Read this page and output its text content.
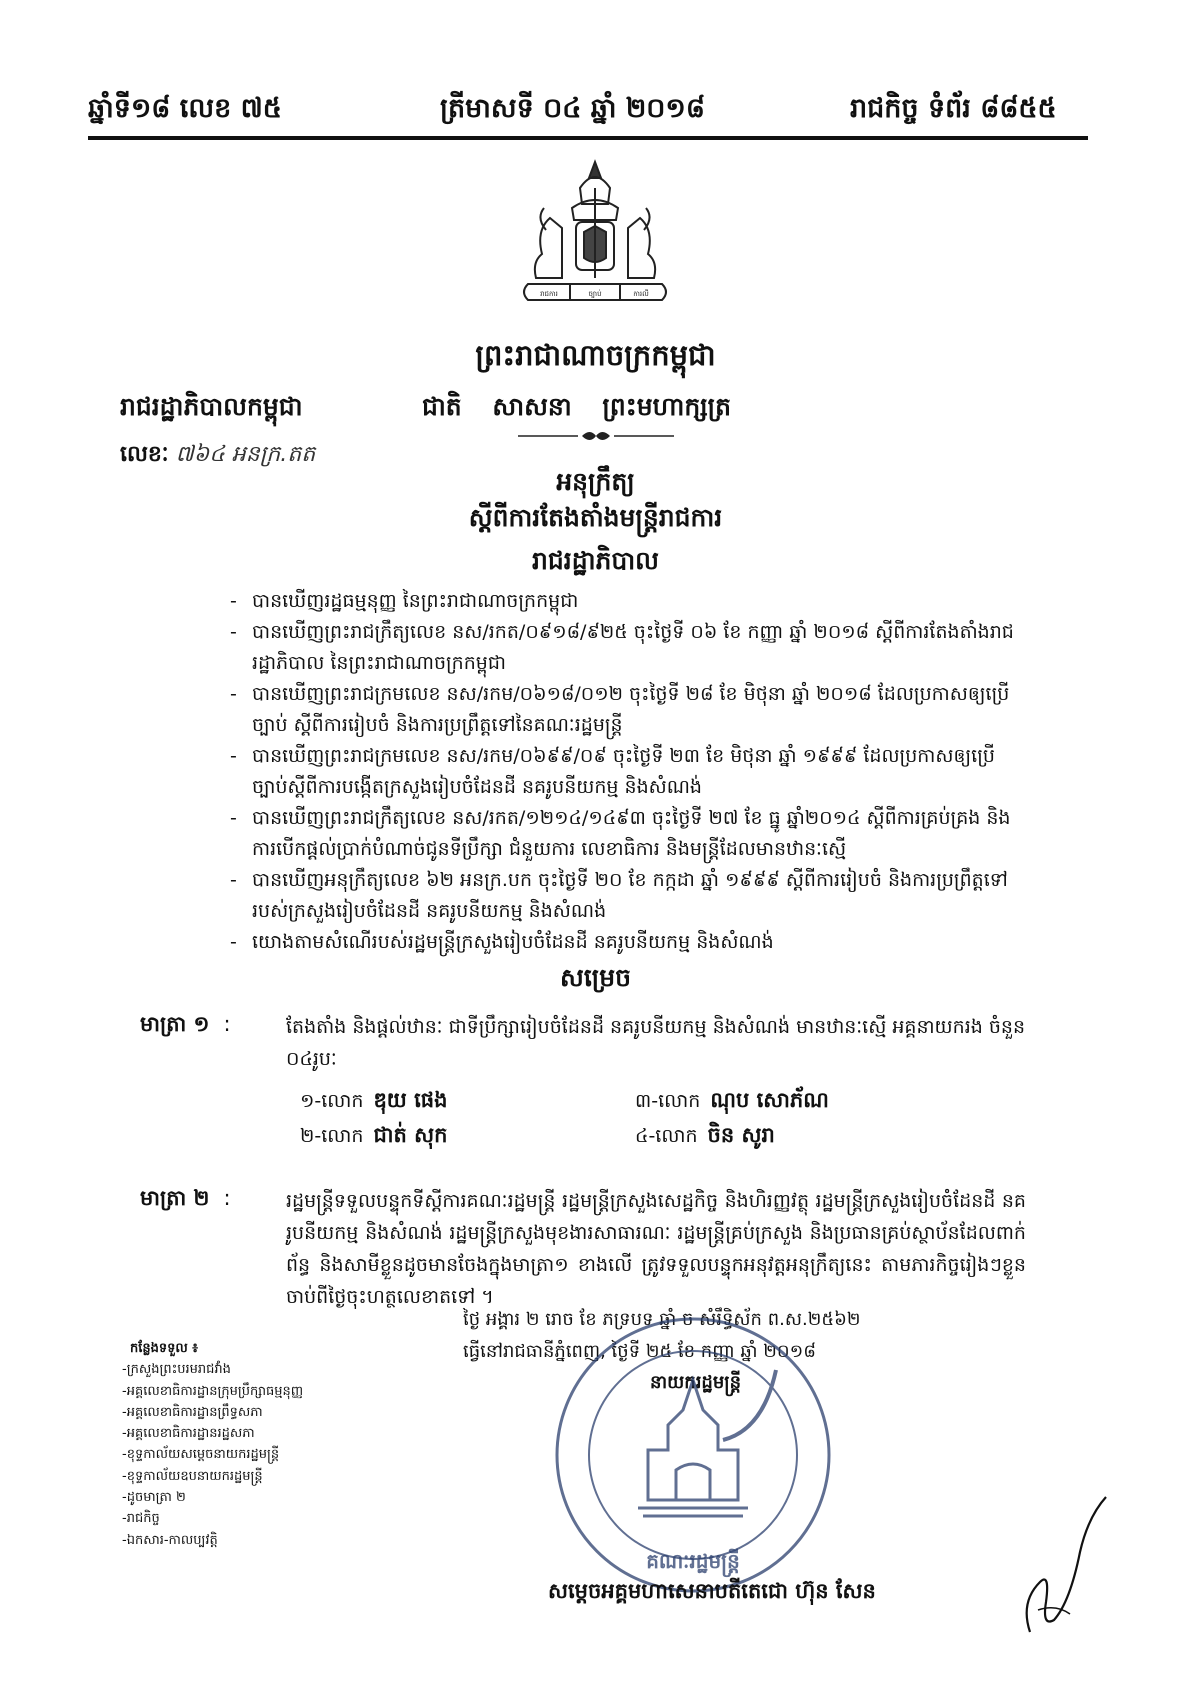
ឆ្នាំទី១៨ លេខ ៧៥	ត្រីមាសទី ០៤ ឆ្នាំ ២០១៨	រាជកិច្ច ទំព័រ ៨៨៥៥
រាជការ	ច្បាប់	ការលី
ព្រះរាជាណាចក្រកម្ពុជា
រាជរដ្ឋាភិបាលកម្ពុជា	ជាតិ សាសនា ព្រះមហាក្សត្រ
លេខៈ ៧៦៤ អនក្រ.តត
អនុក្រឹត្យ
ស្តីពីការតែងតាំងមន្ត្រីរាជការ
រាជរដ្ឋាភិបាល
- បានឃើញរដ្ឋធម្មនុញ្ញ នៃព្រះរាជាណាចក្រកម្ពុជា
- បានឃើញព្រះរាជក្រឹត្យលេខ នស/រកត/០៩១៨/៩២៥ ចុះថ្ងៃទី ០៦ ខែ កញ្ញា ឆ្នាំ ២០១៨ ស្តីពីការតែងតាំងរាជរដ្ឋាភិបាល នៃព្រះរាជាណាចក្រកម្ពុជា
- បានឃើញព្រះរាជក្រមលេខ នស/រកម/០៦១៨/០១២ ចុះថ្ងៃទី ២៨ ខែ មិថុនា ឆ្នាំ ២០១៨ ដែលប្រកាសឲ្យប្រើច្បាប់ ស្តីពីការរៀបចំ និងការប្រព្រឹត្តទៅនៃគណៈរដ្ឋមន្ត្រី
- បានឃើញព្រះរាជក្រមលេខ នស/រកម/០៦៩៩/០៩ ចុះថ្ងៃទី ២៣ ខែ មិថុនា ឆ្នាំ ១៩៩៩ ដែលប្រកាសឲ្យប្រើច្បាប់ស្តីពីការបង្កើតក្រសួងរៀបចំដែនដី នគរូបនីយកម្ម និងសំណង់
- បានឃើញព្រះរាជក្រឹត្យលេខ នស/រកត/១២១៤/១៤៩៣ ចុះថ្ងៃទី ២៧ ខែ ធ្នូ ឆ្នាំ២០១៤ ស្តីពីការគ្រប់គ្រង និងការបើកផ្តល់ប្រាក់បំណាច់ជូនទីប្រឹក្សា ជំនួយការ លេខាធិការ និងមន្ត្រីដែលមានឋានៈស្មើ
- បានឃើញអនុក្រឹត្យលេខ ៦២ អនក្រ.បក ចុះថ្ងៃទី ២០ ខែ កក្កដា ឆ្នាំ ១៩៩៩ ស្តីពីការរៀបចំ និងការប្រព្រឹត្តទៅរបស់ក្រសួងរៀបចំដែនដី នគរូបនីយកម្ម និងសំណង់
- យោងតាមសំណើរបស់រដ្ឋមន្ត្រីក្រសួងរៀបចំដែនដី នគរូបនីយកម្ម និងសំណង់
សម្រេច
មាត្រា ១ :	តែងតាំង និងផ្តល់ឋានៈ ជាទីប្រឹក្សារៀបចំដែនដី នគរូបនីយកម្ម និងសំណង់ មានឋានៈស្មើ អគ្គនាយករង ចំនួន ០៤រូបៈ
១-លោក ឌុយ ផេង
២-លោក ជាត់ សុក
៣-លោក ណុប សោភ័ណ
៤-លោក ចិន សូរា
មាត្រា ២ :	រដ្ឋមន្ត្រីទទួលបន្ទុកទីស្តីការគណៈរដ្ឋមន្ត្រី រដ្ឋមន្ត្រីក្រសួងសេដ្ឋកិច្ច និងហិរញ្ញវត្ថុ រដ្ឋមន្ត្រីក្រសួងរៀបចំដែនដី នគរូបនីយកម្ម និងសំណង់ រដ្ឋមន្ត្រីក្រសួងមុខងារសាធារណៈ រដ្ឋមន្ត្រីគ្រប់ក្រសួង និងប្រធានគ្រប់ស្ថាប័នដែលពាក់ព័ន្ធ និងសាមីខ្លួនដូចមានចែងក្នុងមាត្រា១ ខាងលើ ត្រូវទទួលបន្ទុកអនុវត្តអនុក្រឹត្យនេះ តាមភារកិច្ចរៀងៗខ្លួន ចាប់ពីថ្ងៃចុះហត្ថលេខាតទៅ ។
ថ្ងៃ អង្គារ ២ រោច ខែ ភទ្របទ ឆ្នាំ ច សំរឹទ្ធិស័ក ព.ស.២៥៦២
ធ្វើនៅរាជធានីភ្នំពេញ, ថ្ងៃទី ២៥ ខែ កញ្ញា ឆ្នាំ ២០១៨
នាយករដ្ឋមន្ត្រី
គណៈរដ្ឋមន្ត្រី
កន្លែងទទួល ៖
-ក្រសួងព្រះបរមរាជវាំង
-អគ្គលេខាធិការដ្ឋានក្រុមប្រឹក្សាធម្មនុញ្ញ
-អគ្គលេខាធិការដ្ឋានព្រឹទ្ធសភា
-អគ្គលេខាធិការដ្ឋានរដ្ឋសភា
-ខុទ្ទកាល័យសម្តេចនាយករដ្ឋមន្ត្រី
-ខុទ្ទកាល័យឧបនាយករដ្ឋមន្ត្រី
-ដូចមាត្រា ២
-រាជកិច្ច
-ឯកសារ-កាលប្បវត្តិ
សម្តេចអគ្គមហាសេនាបតីតេជោ ហ៊ុន សែន
